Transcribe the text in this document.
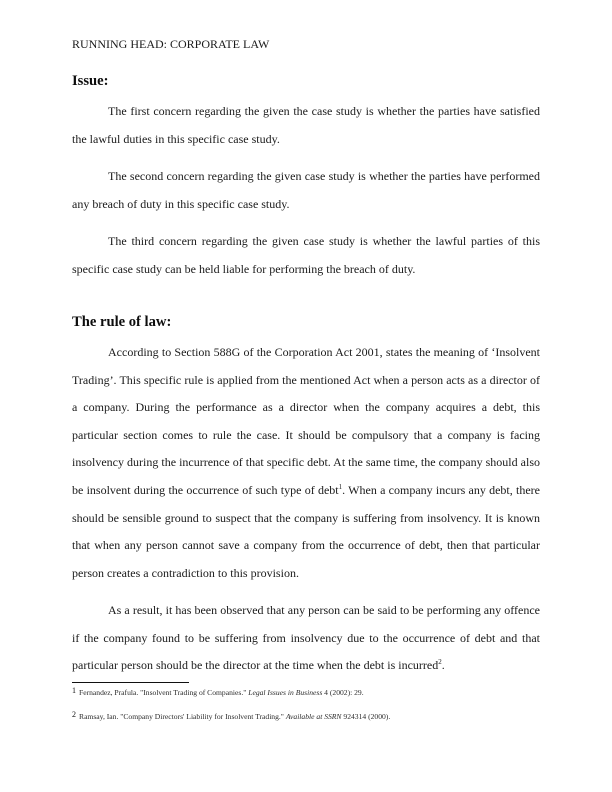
RUNNING HEAD: CORPORATE LAW
Issue:

The first concern regarding the given the case study is whether the parties have satisfied the lawful duties in this specific case study.

The second concern regarding the given case study is whether the parties have performed any breach of duty in this specific case study.

The third concern regarding the given case study is whether the lawful parties of this specific case study can be held liable for performing the breach of duty.

The rule of law:

According to Section 588G of the Corporation Act 2001, states the meaning of ‘Insolvent Trading’. This specific rule is applied from the mentioned Act when a person acts as a director of a company. During the performance as a director when the company acquires a debt, this particular section comes to rule the case. It should be compulsory that a company is facing insolvency during the incurrence of that specific debt. At the same time, the company should also be insolvent during the occurrence of such type of debt$^1$. When a company incurs any debt, there should be sensible ground to suspect that the company is suffering from insolvency. It is known that when any person cannot save a company from the occurrence of debt, then that particular person creates a contradiction to this provision.

As a result, it has been observed that any person can be said to be performing any offence if the company found to be suffering from insolvency due to the occurrence of debt and that particular person should be the director at the time when the debt is incurred$^2$.

1 Fernandez, Prafula. "Insolvent Trading of Companies." Legal Issues in Business 4 (2002): 29.
2 Ramsay, Ian. "Company Directors' Liability for Insolvent Trading." Available at SSRN 924314 (2000).
